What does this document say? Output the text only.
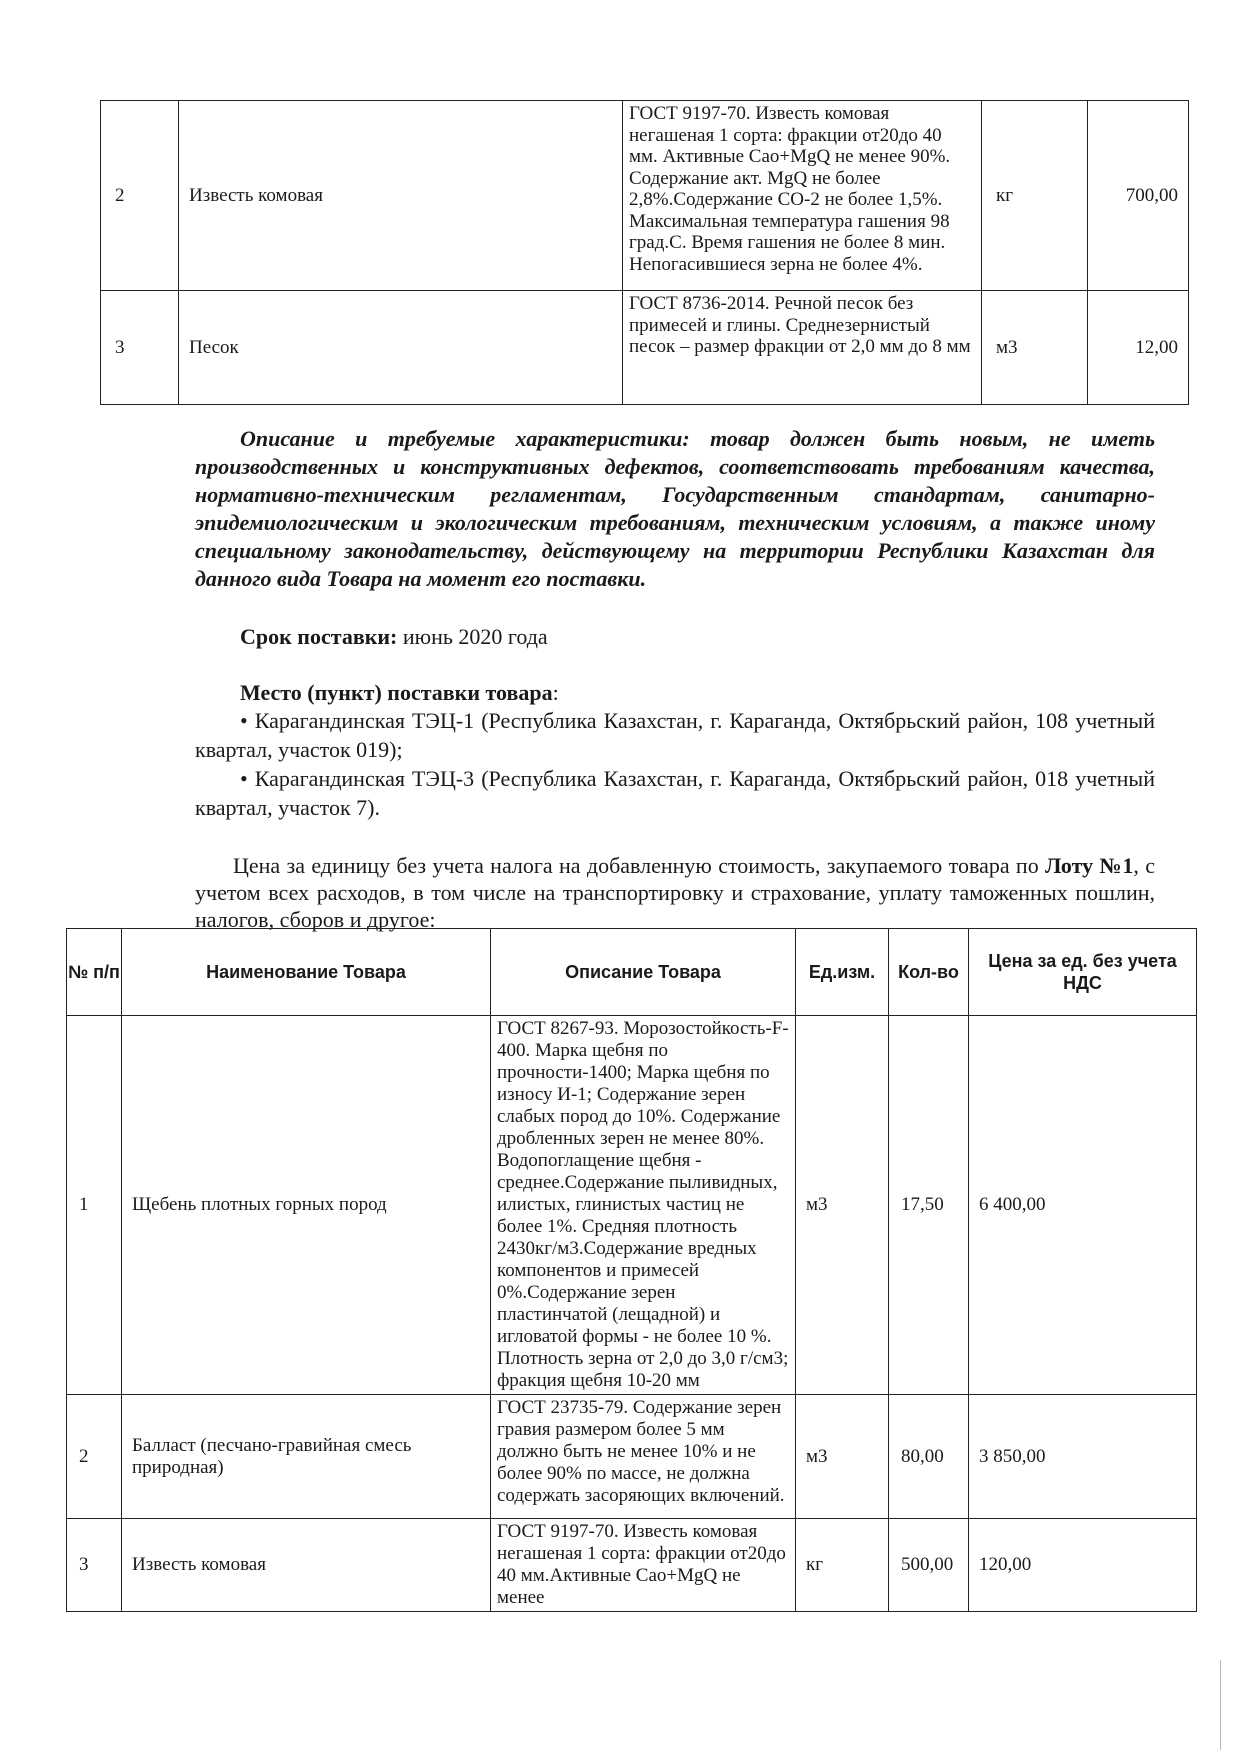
2	Известь комовая	ГОСТ 9197-70. Известь комовая негашеная 1 сорта: фракции от20до 40 мм. Активные Сао+MgQ не менее 90%. Содержание акт. MgQ не более 2,8%.Содержание СО-2 не более 1,5%. Максимальная температура гашения 98 град.С. Время гашения не более 8 мин. Непогасившиеся зерна не более 4%.	кг	700,00
3	Песок	ГОСТ 8736-2014. Речной песок без примесей и глины. Среднезернистый песок – размер фракции от 2,0 мм до 8 мм	м3	12,00

Описание и требуемые характеристики: товар должен быть новым, не иметь производственных и конструктивных дефектов, соответствовать требованиям качества, нормативно-техническим регламентам, Государственным стандартам, санитарно-эпидемиологическим и экологическим требованиям, техническим условиям, а также иному специальному законодательству, действующему на территории Республики Казахстан для данного вида Товара на момент его поставки.

Срок поставки: июнь 2020 года

Место (пункт) поставки товара:

• Карагандинская ТЭЦ-1 (Республика Казахстан, г. Караганда, Октябрьский район, 108 учетный квартал, участок 019);

• Карагандинская ТЭЦ-3 (Республика Казахстан, г. Караганда, Октябрьский район, 018 учетный квартал, участок 7).

Цена за единицу без учета налога на добавленную стоимость, закупаемого товара по Лоту №1, с учетом всех расходов, в том числе на транспортировку и страхование, уплату таможенных пошлин, налогов, сборов и другое:

№ п/п	Наименование Товара	Описание Товара	Ед.изм.	Кол-во	Цена за ед. без учета НДС
1	Щебень плотных горных пород	ГОСТ 8267-93. Морозостойкость-F-400. Марка щебня по прочности-1400; Марка щебня по износу И-1; Содержание зерен слабых пород до 10%. Содержание дробленных зерен не менее 80%. Водопоглащение щебня - среднее.Содержание пыливидных, илистых, глинистых частиц не более 1%. Средняя плотность 2430кг/м3.Содержание вредных компонентов и примесей 0%.Содержание зерен пластинчатой (лещадной) и игловатой формы - не более 10 %. Плотность зерна от 2,0 до 3,0 г/см3; фракция щебня 10-20 мм	м3	17,50	6 400,00
2	Балласт (песчано-гравийная смесь природная)	ГОСТ 23735-79. Содержание зерен гравия размером более 5 мм должно быть не менее 10% и не более 90% по массе, не должна содержать засоряющих включений.	м3	80,00	3 850,00
3	Известь комовая	ГОСТ 9197-70. Известь комовая негашеная 1 сорта: фракции от20до 40 мм.Активные Сао+MgQ не менее	кг	500,00	120,00
